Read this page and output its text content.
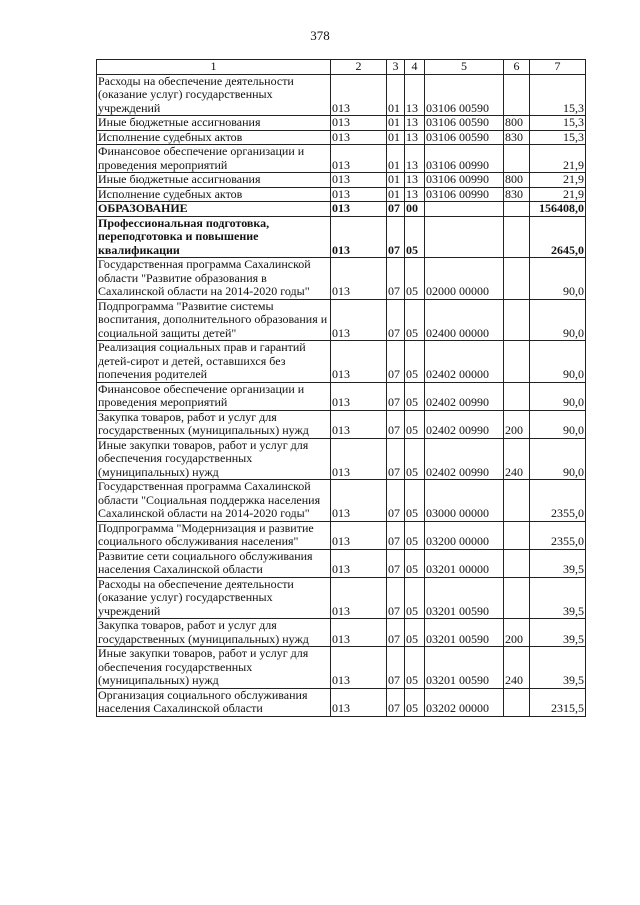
378
1	2	3	4	5	6	7
Расходы на обеспечение деятельности (оказание услуг) государственных учреждений	013	01	13	03106 00590		15,3
Иные бюджетные ассигнования	013	01	13	03106 00590	800	15,3
Исполнение судебных актов	013	01	13	03106 00590	830	15,3
Финансовое обеспечение организации и проведения мероприятий	013	01	13	03106 00990		21,9
Иные бюджетные ассигнования	013	01	13	03106 00990	800	21,9
Исполнение судебных актов	013	01	13	03106 00990	830	21,9
ОБРАЗОВАНИЕ	013	07	00			156408,0
Профессиональная подготовка, переподготовка и повышение квалификации	013	07	05			2645,0
Государственная программа Сахалинской области "Развитие образования в Сахалинской области на 2014-2020 годы"	013	07	05	02000 00000		90,0
Подпрограмма "Развитие системы воспитания, дополнительного образования и социальной защиты детей"	013	07	05	02400 00000		90,0
Реализация социальных прав и гарантий детей-сирот и детей, оставшихся без попечения родителей	013	07	05	02402 00000		90,0
Финансовое обеспечение организации и проведения мероприятий	013	07	05	02402 00990		90,0
Закупка товаров, работ и услуг для государственных (муниципальных) нужд	013	07	05	02402 00990	200	90,0
Иные закупки товаров, работ и услуг для обеспечения государственных (муниципальных) нужд	013	07	05	02402 00990	240	90,0
Государственная программа Сахалинской области "Социальная поддержка населения Сахалинской области на 2014-2020 годы"	013	07	05	03000 00000		2355,0
Подпрограмма "Модернизация и развитие социального обслуживания населения"	013	07	05	03200 00000		2355,0
Развитие сети социального обслуживания населения Сахалинской области	013	07	05	03201 00000		39,5
Расходы на обеспечение деятельности (оказание услуг) государственных учреждений	013	07	05	03201 00590		39,5
Закупка товаров, работ и услуг для государственных (муниципальных) нужд	013	07	05	03201 00590	200	39,5
Иные закупки товаров, работ и услуг для обеспечения государственных (муниципальных) нужд	013	07	05	03201 00590	240	39,5
Организация социального обслуживания населения Сахалинской области	013	07	05	03202 00000		2315,5
